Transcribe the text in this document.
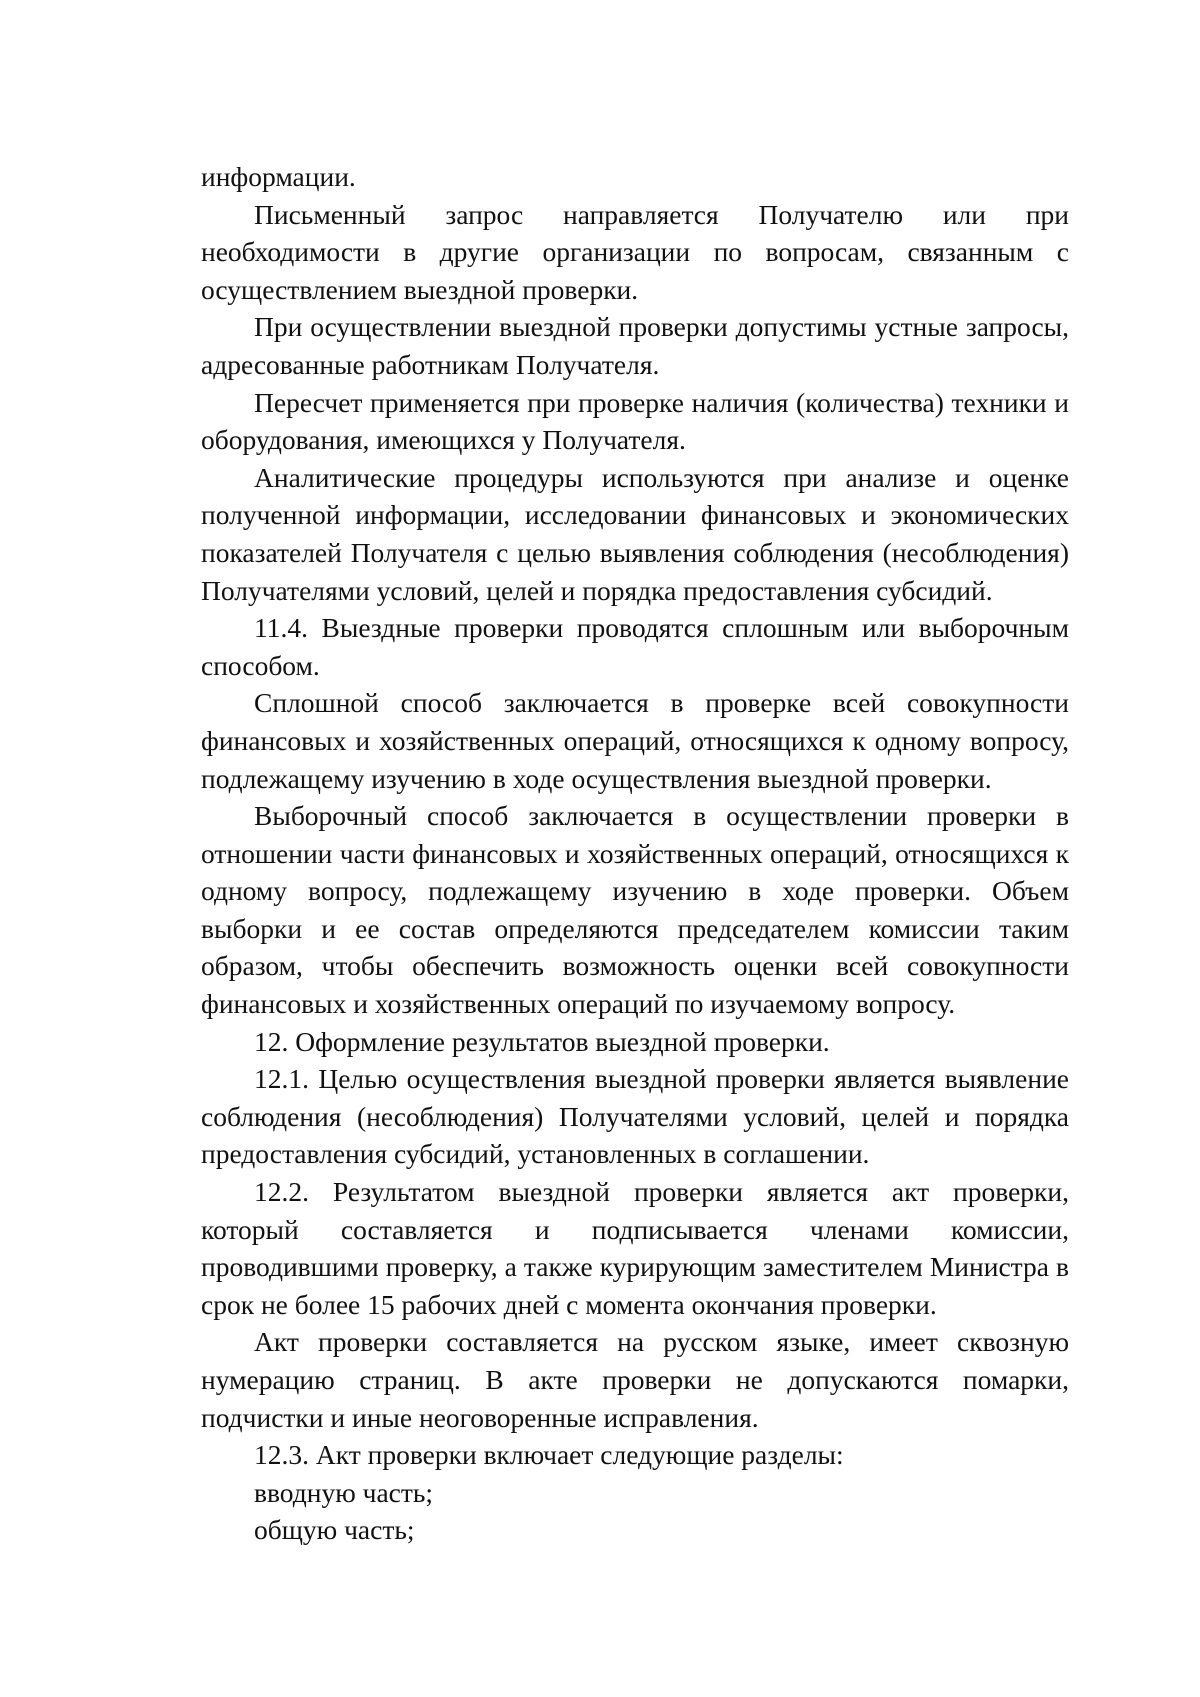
информации.

Письменный запрос направляется Получателю или при необходимости в другие организации по вопросам, связанным с осуществлением выездной проверки.

При осуществлении выездной проверки допустимы устные запросы, адресованные работникам Получателя.

Пересчет применяется при проверке наличия (количества) техники и оборудования, имеющихся у Получателя.

Аналитические процедуры используются при анализе и оценке полученной информации, исследовании финансовых и экономических показателей Получателя с целью выявления соблюдения (несоблюдения) Получателями условий, целей и порядка предоставления субсидий.

11.4. Выездные проверки проводятся сплошным или выборочным способом.

Сплошной способ заключается в проверке всей совокупности финансовых и хозяйственных операций, относящихся к одному вопросу, подлежащему изучению в ходе осуществления выездной проверки.

Выборочный способ заключается в осуществлении проверки в отношении части финансовых и хозяйственных операций, относящихся к одному вопросу, подлежащему изучению в ходе проверки. Объем выборки и ее состав определяются председателем комиссии таким образом, чтобы обеспечить возможность оценки всей совокупности финансовых и хозяйственных операций по изучаемому вопросу.

12. Оформление результатов выездной проверки.

12.1. Целью осуществления выездной проверки является выявление соблюдения (несоблюдения) Получателями условий, целей и порядка предоставления субсидий, установленных в соглашении.

12.2. Результатом выездной проверки является акт проверки, который составляется и подписывается членами комиссии, проводившими проверку, а также курирующим заместителем Министра в срок не более 15 рабочих дней с момента окончания проверки.

Акт проверки составляется на русском языке, имеет сквозную нумерацию страниц. В акте проверки не допускаются помарки, подчистки и иные неоговоренные исправления.

12.3. Акт проверки включает следующие разделы:

вводную часть;

общую часть;
